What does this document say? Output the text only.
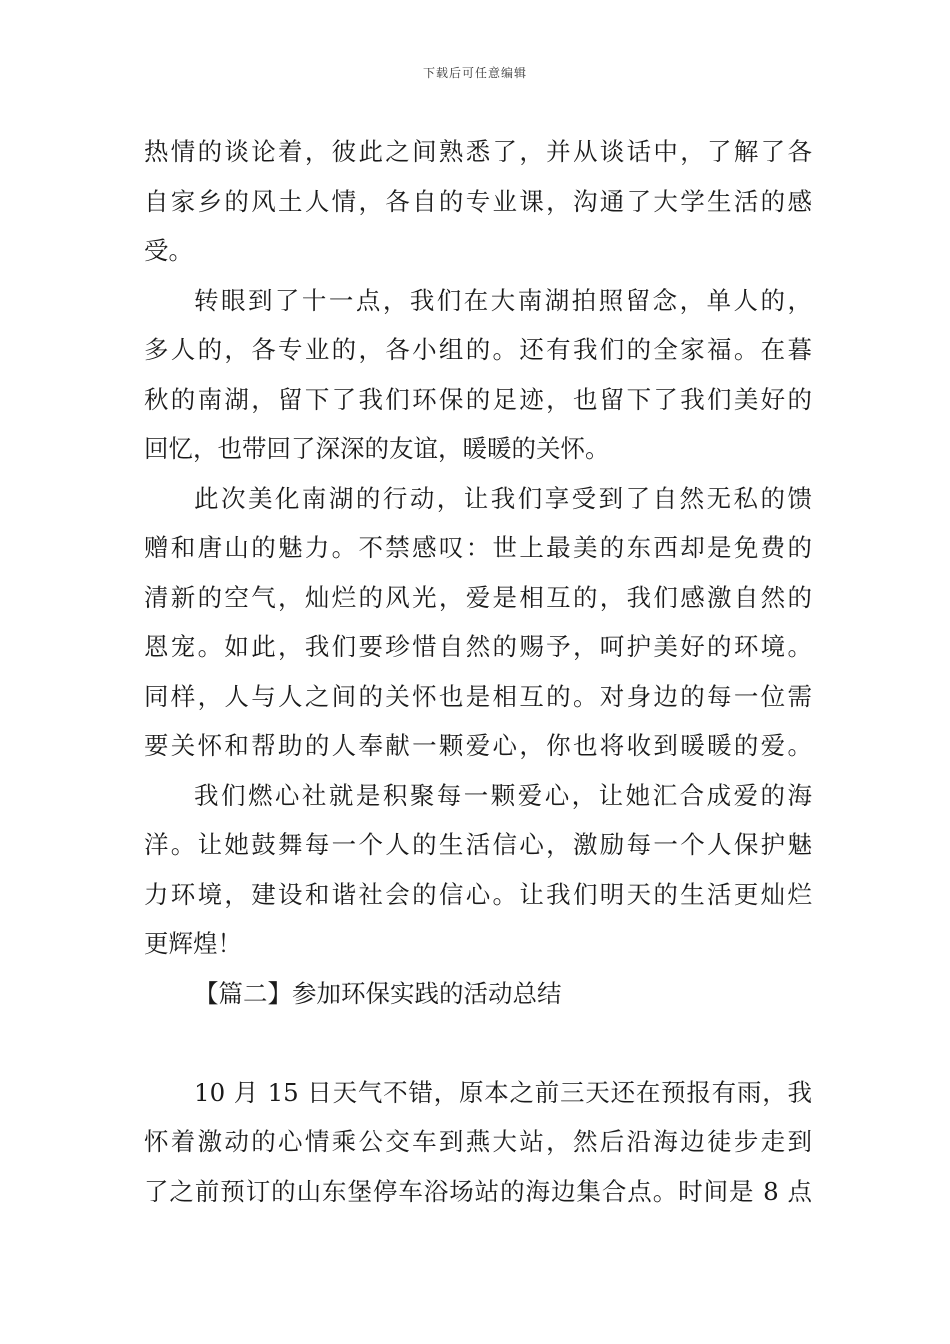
下载后可任意编辑
热情的谈论着，彼此之间熟悉了，并从谈话中，了解了各
自家乡的风土人情，各自的专业课，沟通了大学生活的感
受。
转眼到了十一点，我们在大南湖拍照留念，单人的，
多人的，各专业的，各小组的。还有我们的全家福。在暮
秋的南湖，留下了我们环保的足迹，也留下了我们美好的
回忆，也带回了深深的友谊，暖暖的关怀。
此次美化南湖的行动，让我们享受到了自然无私的馈
赠和唐山的魅力。不禁感叹：世上最美的东西却是免费的
清新的空气，灿烂的风光，爱是相互的，我们感激自然的
恩宠。如此，我们要珍惜自然的赐予，呵护美好的环境。
同样，人与人之间的关怀也是相互的。对身边的每一位需
要关怀和帮助的人奉献一颗爱心，你也将收到暖暖的爱。
我们燃心社就是积聚每一颗爱心，让她汇合成爱的海
洋。让她鼓舞每一个人的生活信心，激励每一个人保护魅
力环境，建设和谐社会的信心。让我们明天的生活更灿烂
更辉煌！
【篇二】参加环保实践的活动总结
10 月 15 日天气不错，原本之前三天还在预报有雨，我
怀着激动的心情乘公交车到燕大站，然后沿海边徒步走到
了之前预订的山东堡停车浴场站的海边集合点。时间是 8 点
